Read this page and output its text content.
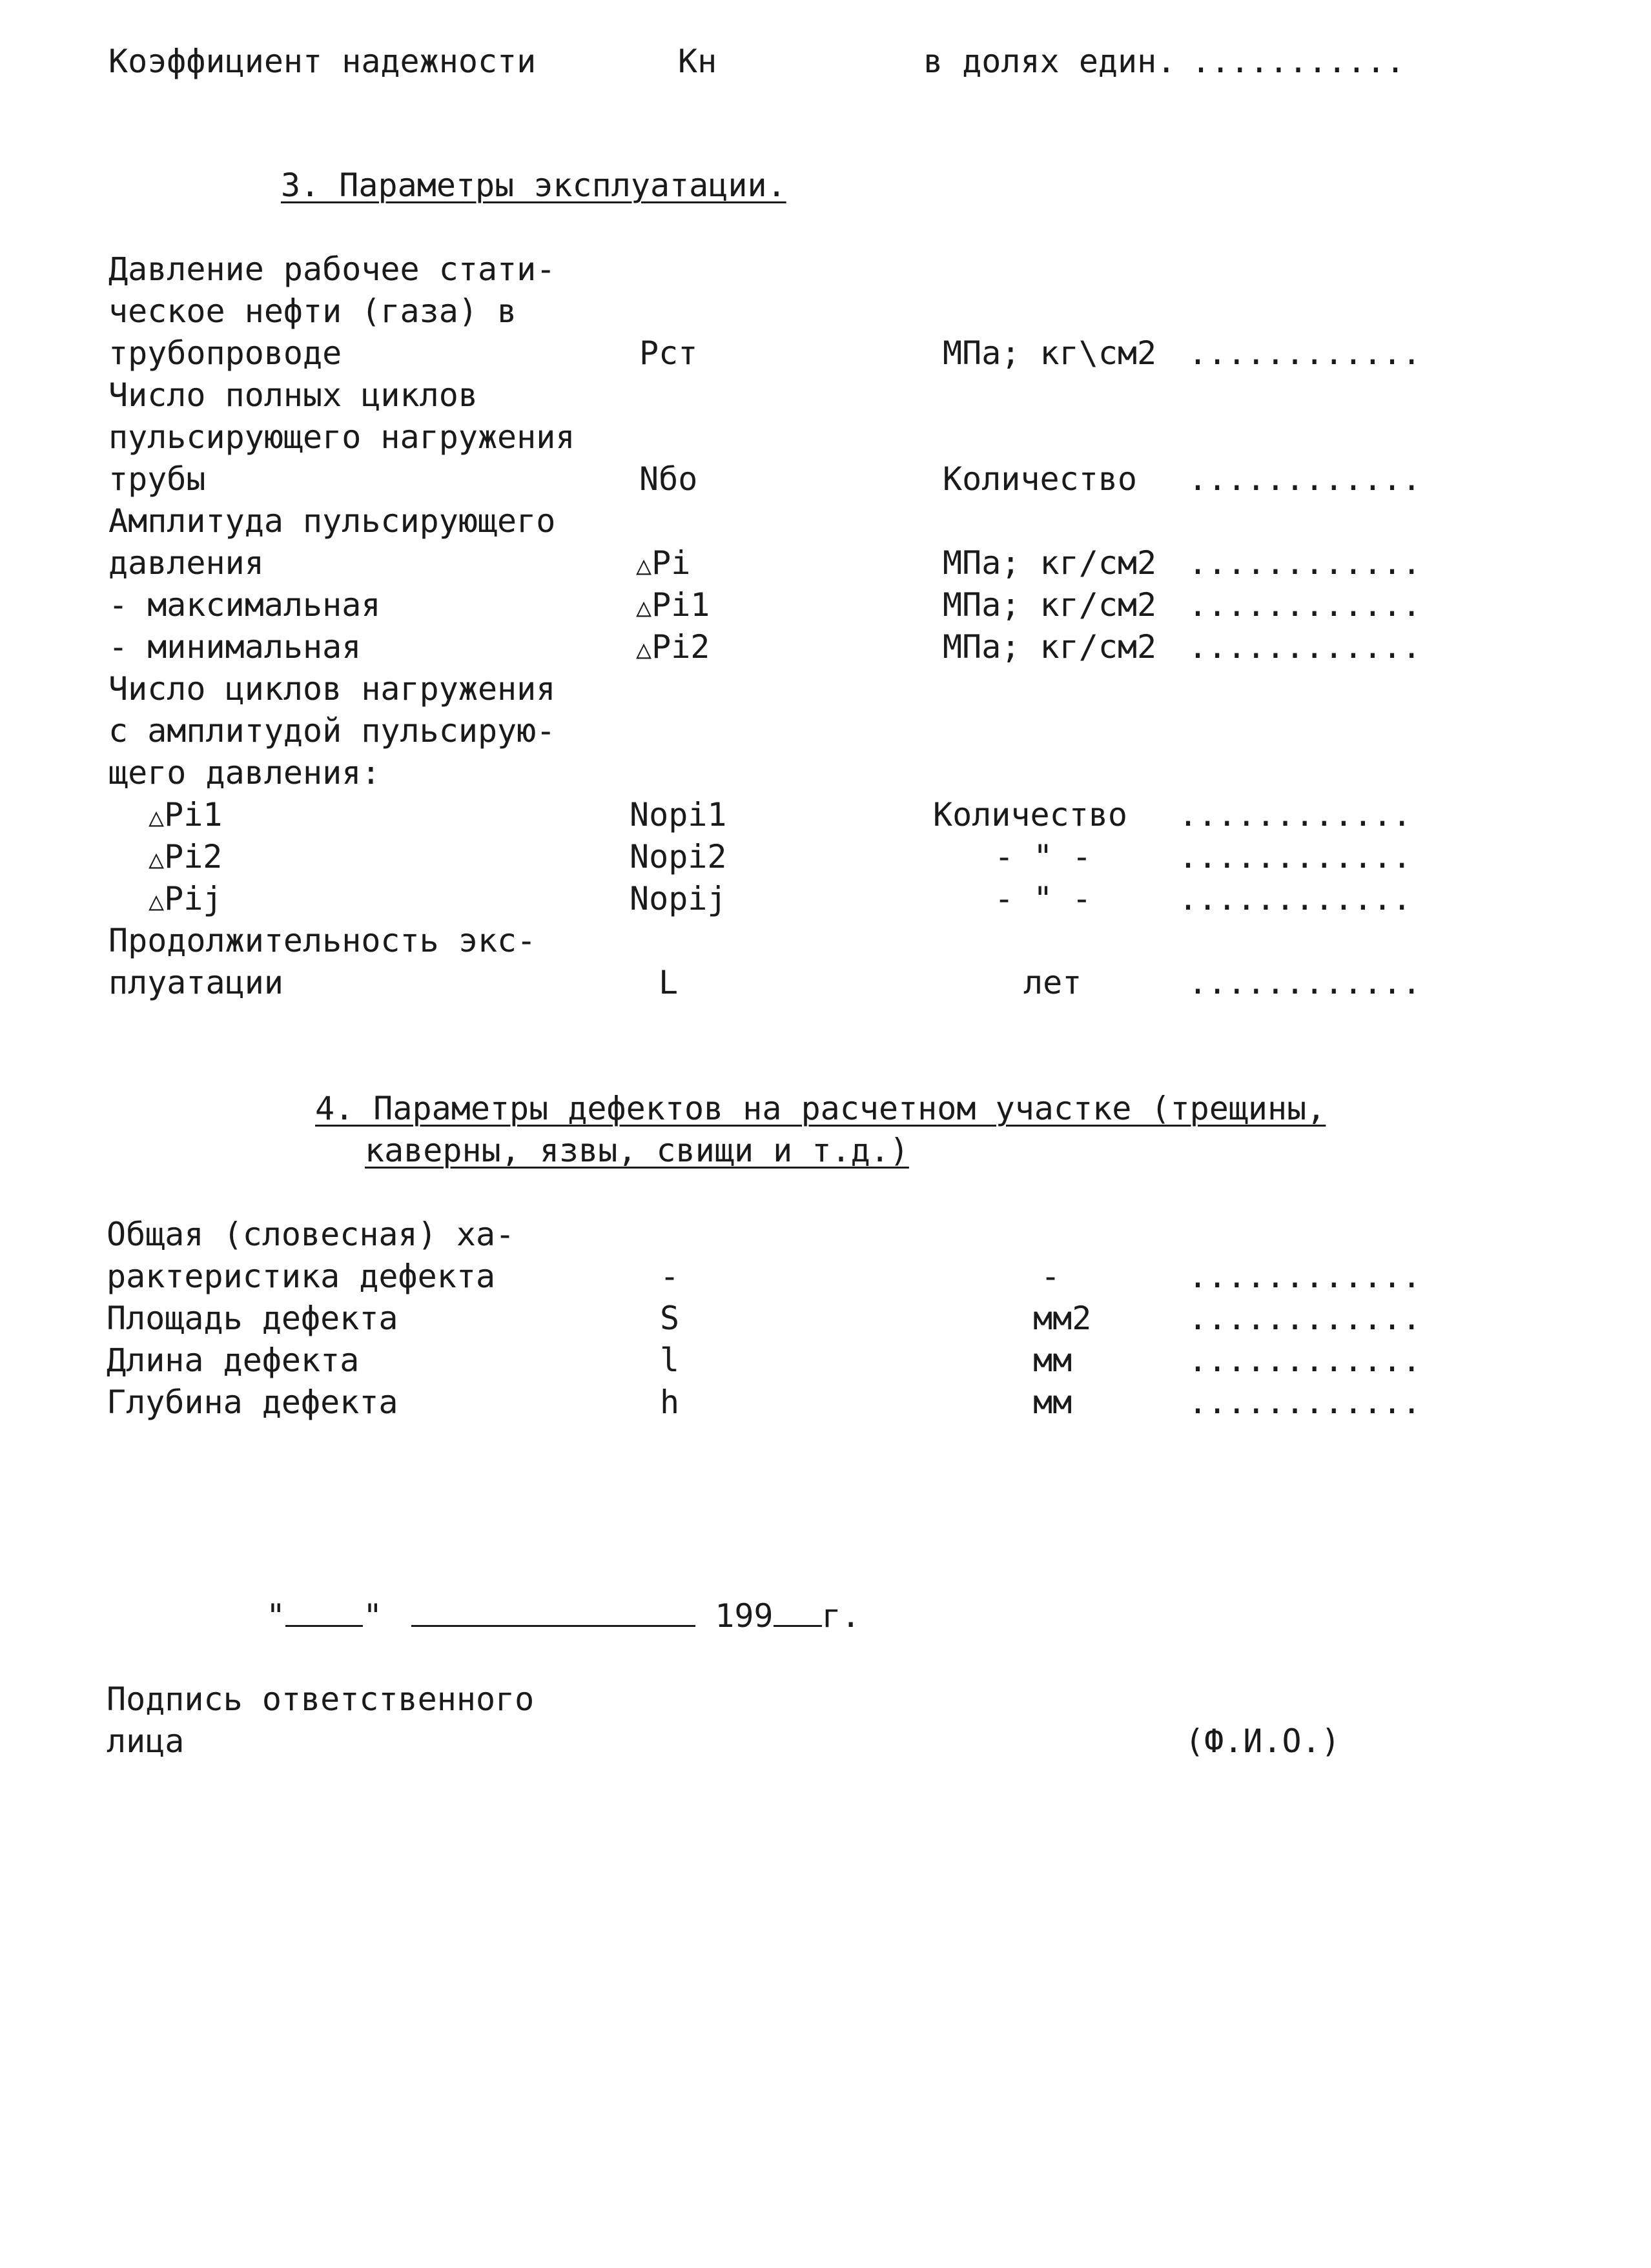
Коэффициент надежности	Кн	в долях един. ...........
3. Параметры эксплуатации.
Давление рабочее стати-
ческое нефти (газа) в
трубопроводе	Рст	МПа; кг\см2 ............
Число полных циклов
пульсирующего нагружения
трубы	Nбо	Количество ............
Амплитуда пульсирующего
давления	△Pi	МПа; кг/см2 ............
- максимальная	△Pi1	МПа; кг/см2 ............
- минимальная	△Pi2	МПа; кг/см2 ............
Число циклов нагружения
с амплитудой пульсирую-
щего давления:
△Pi1	Nорi1	Количество ............
△Pi2	Nорi2	- " -	............
△Pij	Nорij	- " -	............
Продолжительность экс-
плуатации	L	лет	............
4. Параметры дефектов на расчетном участке (трещины,
каверны, язвы, свищи и т.д.)
Общая (словесная) ха-
рактеристика дефекта	-	-	............
Площадь дефекта	S	мм2	............
Длина дефекта	l	мм	............
Глубина дефекта	h	мм	............
" "	199 г.
Подпись ответственного
лица	(Ф.И.О.)
